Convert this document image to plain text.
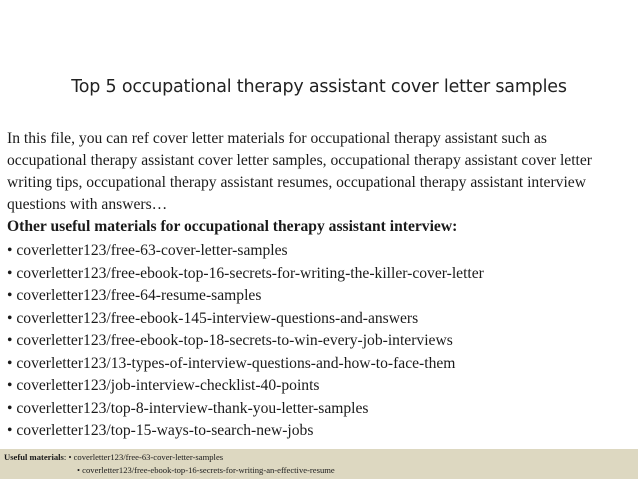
Top 5 occupational therapy assistant cover letter samples
In this file, you can ref cover letter materials for occupational therapy assistant such as
occupational therapy assistant cover letter samples, occupational therapy assistant cover letter
writing tips, occupational therapy assistant resumes, occupational therapy assistant interview
questions with answers…
Other useful materials for occupational therapy assistant interview:
• coverletter123/free-63-cover-letter-samples
• coverletter123/free-ebook-top-16-secrets-for-writing-the-killer-cover-letter
• coverletter123/free-64-resume-samples
• coverletter123/free-ebook-145-interview-questions-and-answers
• coverletter123/free-ebook-top-18-secrets-to-win-every-job-interviews
• coverletter123/13-types-of-interview-questions-and-how-to-face-them
• coverletter123/job-interview-checklist-40-points
• coverletter123/top-8-interview-thank-you-letter-samples
• coverletter123/top-15-ways-to-search-new-jobs
Useful materials: • coverletter123/free-63-cover-letter-samples
• coverletter123/free-ebook-top-16-secrets-for-writing-an-effective-resume
